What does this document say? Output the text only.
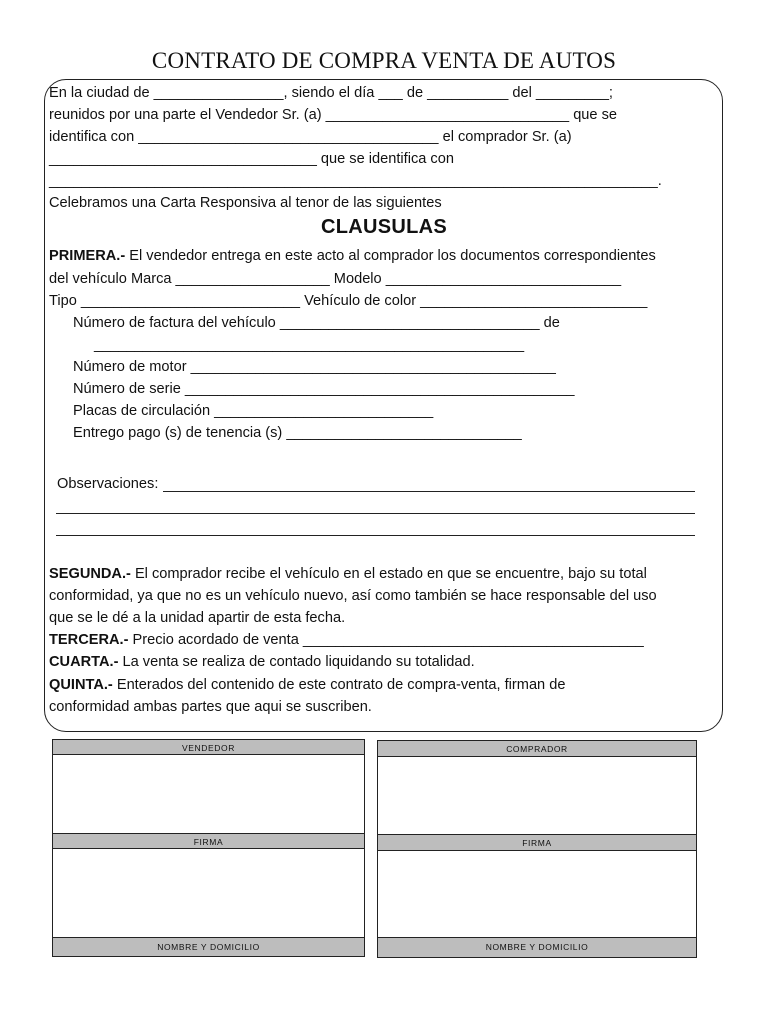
CONTRATO DE COMPRA VENTA DE AUTOS
En la ciudad de ________________, siendo el día ___ de __________ del _________;
reunidos por una parte el Vendedor Sr. (a) ______________________________ que se
identifica con _____________________________________ el comprador Sr. (a)
_________________________________ que se identifica con
___________________________________________________________________________.
Celebramos una Carta Responsiva al tenor de las siguientes
CLAUSULAS
PRIMERA.- El vendedor entrega en este acto al comprador los documentos correspondientes
del vehículo Marca ___________________ Modelo _____________________________
Tipo ___________________________ Vehículo de color ____________________________
Número de factura del vehículo ________________________________ de
_____________________________________________________
Número de motor _____________________________________________
Número de serie ________________________________________________
Placas de circulación ___________________________
Entrego pago (s) de tenencia (s) _____________________________
Observaciones:
SEGUNDA.- El comprador recibe el vehículo en el estado en que se encuentre, bajo su total
conformidad, ya que no es un vehículo nuevo, así como también se hace responsable del uso
que se le dé a la unidad apartir de esta fecha.
TERCERA.- Precio acordado de venta __________________________________________
CUARTA.- La venta se realiza de contado liquidando su totalidad.
QUINTA.- Enterados del contenido de este contrato de compra-venta, firman de
conformidad ambas partes que aqui se suscriben.
VENDEDOR
FIRMA
NOMBRE Y DOMICILIO
COMPRADOR
FIRMA
NOMBRE Y DOMICILIO
